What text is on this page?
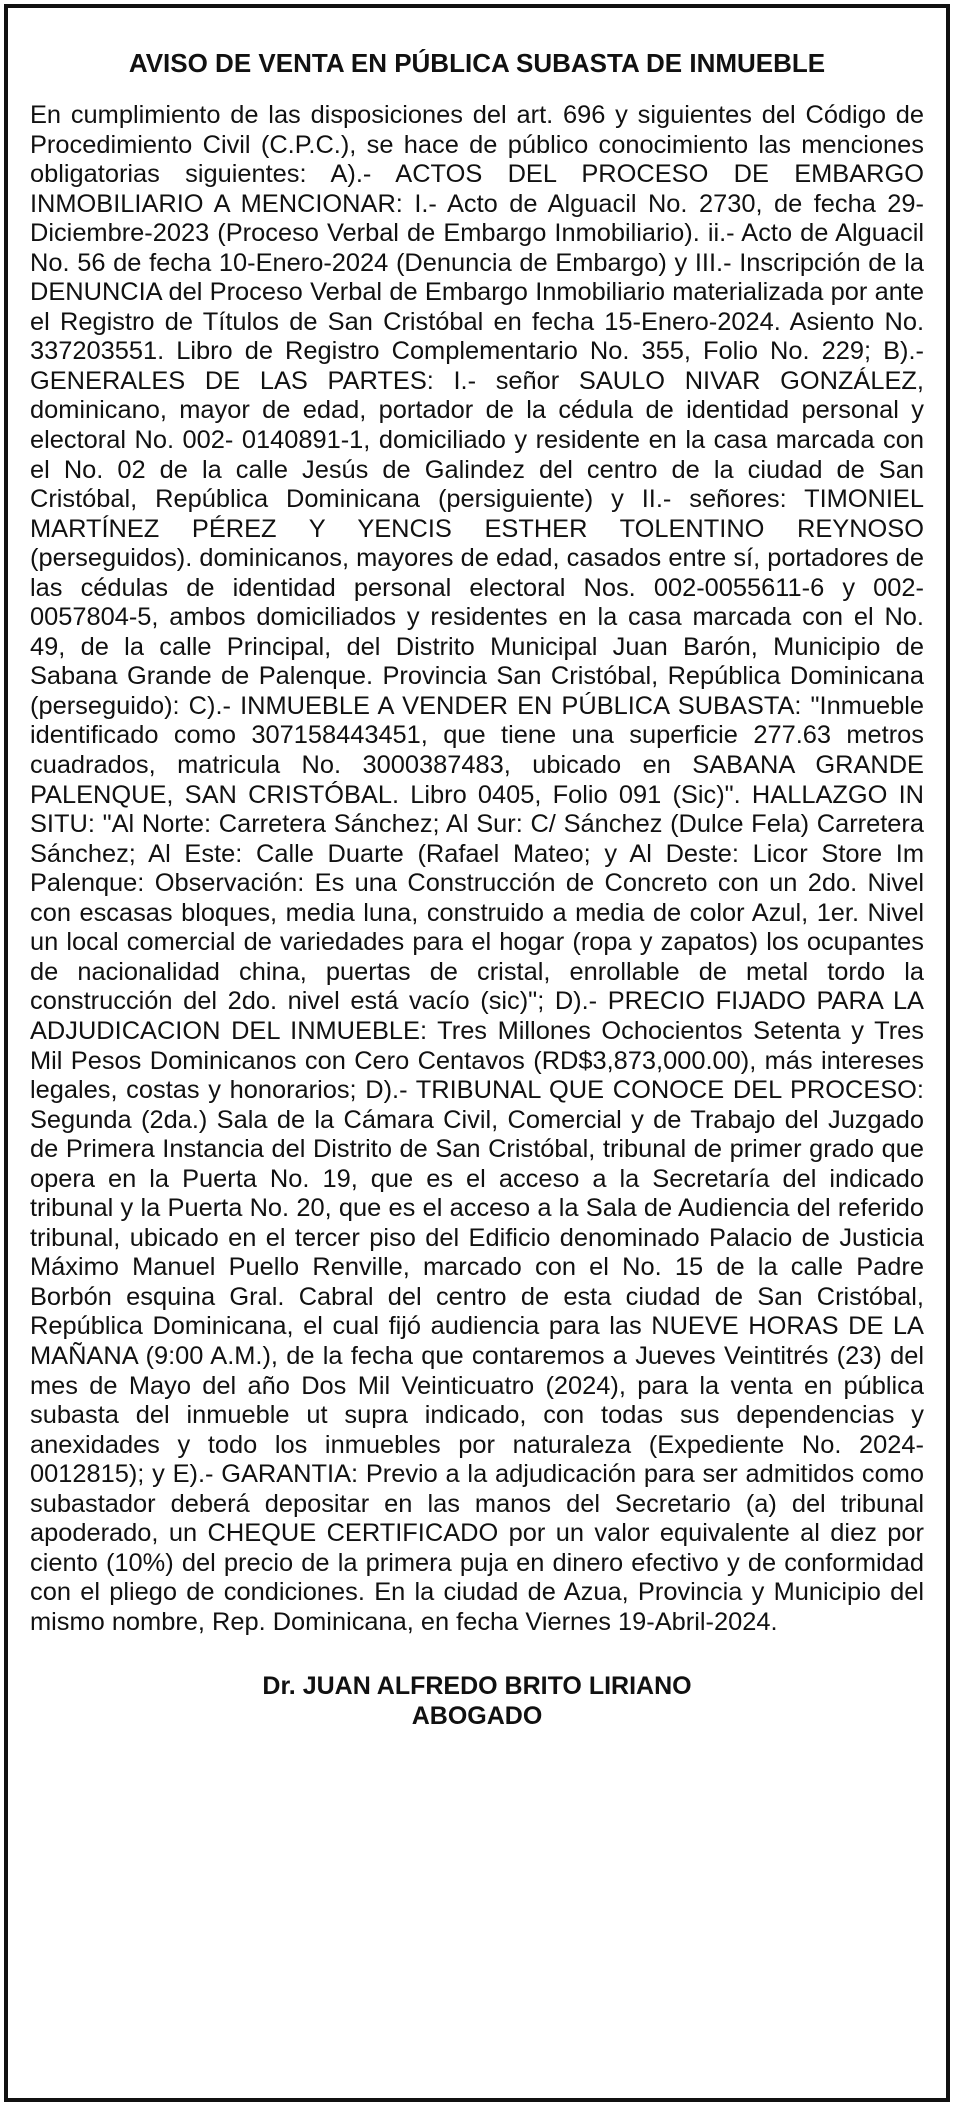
AVISO DE VENTA EN PÚBLICA SUBASTA DE INMUEBLE

En cumplimiento de las disposiciones del art. 696 y siguientes del Código de Procedimiento Civil (C.P.C.), se hace de público conocimiento las menciones obligatorias siguientes: A).- ACTOS DEL PROCESO DE EMBARGO INMOBILIARIO A MENCIONAR: I.- Acto de Alguacil No. 2730, de fecha 29- Diciembre-2023 (Proceso Verbal de Embargo Inmobiliario). ii.- Acto de Alguacil No. 56 de fecha 10-Enero-2024 (Denuncia de Embargo) y III.- Inscripción de la DENUNCIA del Proceso Verbal de Embargo Inmobiliario materializada por ante el Registro de Títulos de San Cristóbal en fecha 15-Enero-2024. Asiento No. 337203551. Libro de Registro Complementario No. 355, Folio No. 229; B).- GENERALES DE LAS PARTES: I.- señor SAULO NIVAR GONZÁLEZ, dominicano, mayor de edad, portador de la cédula de identidad personal y electoral No. 002- 0140891-1, domiciliado y residente en la casa marcada con el No. 02 de la calle Jesús de Galindez del centro de la ciudad de San Cristóbal, República Dominicana (persiguiente) y II.- señores: TIMONIEL MARTÍNEZ PÉREZ Y YENCIS ESTHER TOLENTINO REYNOSO (perseguidos). dominicanos, mayores de edad, casados entre sí, portadores de las cédulas de identidad personal electoral Nos. 002-0055611-6 y 002-0057804-5, ambos domiciliados y residentes en la casa marcada con el No. 49, de la calle Principal, del Distrito Municipal Juan Barón, Municipio de Sabana Grande de Palenque. Provincia San Cristóbal, República Dominicana (perseguido): C).- INMUEBLE A VENDER EN PÚBLICA SUBASTA: "Inmueble identificado como 307158443451, que tiene una superficie 277.63 metros cuadrados, matricula No. 3000387483, ubicado en SABANA GRANDE PALENQUE, SAN CRISTÓBAL. Libro 0405, Folio 091 (Sic)". HALLAZGO IN SITU: "Al Norte: Carretera Sánchez; Al Sur: C/ Sánchez (Dulce Fela) Carretera Sánchez; Al Este: Calle Duarte (Rafael Mateo; y Al Deste: Licor Store Im Palenque: Observación: Es una Construcción de Concreto con un 2do. Nivel con escasas bloques, media luna, construido a media de color Azul, 1er. Nivel un local comercial de variedades para el hogar (ropa y zapatos) los ocupantes de nacionalidad china, puertas de cristal, enrollable de metal tordo la construcción del 2do. nivel está vacío (sic)"; D).- PRECIO FIJADO PARA LA ADJUDICACION DEL INMUEBLE: Tres Millones Ochocientos Setenta y Tres Mil Pesos Dominicanos con Cero Centavos (RD$3,873,000.00), más intereses legales, costas y honorarios; D).- TRIBUNAL QUE CONOCE DEL PROCESO: Segunda (2da.) Sala de la Cámara Civil, Comercial y de Trabajo del Juzgado de Primera Instancia del Distrito de San Cristóbal, tribunal de primer grado que opera en la Puerta No. 19, que es el acceso a la Secretaría del indicado tribunal y la Puerta No. 20, que es el acceso a la Sala de Audiencia del referido tribunal, ubicado en el tercer piso del Edificio denominado Palacio de Justicia Máximo Manuel Puello Renville, marcado con el No. 15 de la calle Padre Borbón esquina Gral. Cabral del centro de esta ciudad de San Cristóbal, República Dominicana, el cual fijó audiencia para las NUEVE HORAS DE LA MAÑANA (9:00 A.M.), de la fecha que contaremos a Jueves Veintitrés (23) del mes de Mayo del año Dos Mil Veinticuatro (2024), para la venta en pública subasta del inmueble ut supra indicado, con todas sus dependencias y anexidades y todo los inmuebles por naturaleza (Expediente No. 2024-0012815); y E).- GARANTIA: Previo a la adjudicación para ser admitidos como subastador deberá depositar en las manos del Secretario (a) del tribunal apoderado, un CHEQUE CERTIFICADO por un valor equivalente al diez por ciento (10%) del precio de la primera puja en dinero efectivo y de conformidad con el pliego de condiciones. En la ciudad de Azua, Provincia y Municipio del mismo nombre, Rep. Dominicana, en fecha Viernes 19-Abril-2024.

Dr. JUAN ALFREDO BRITO LIRIANO
ABOGADO
